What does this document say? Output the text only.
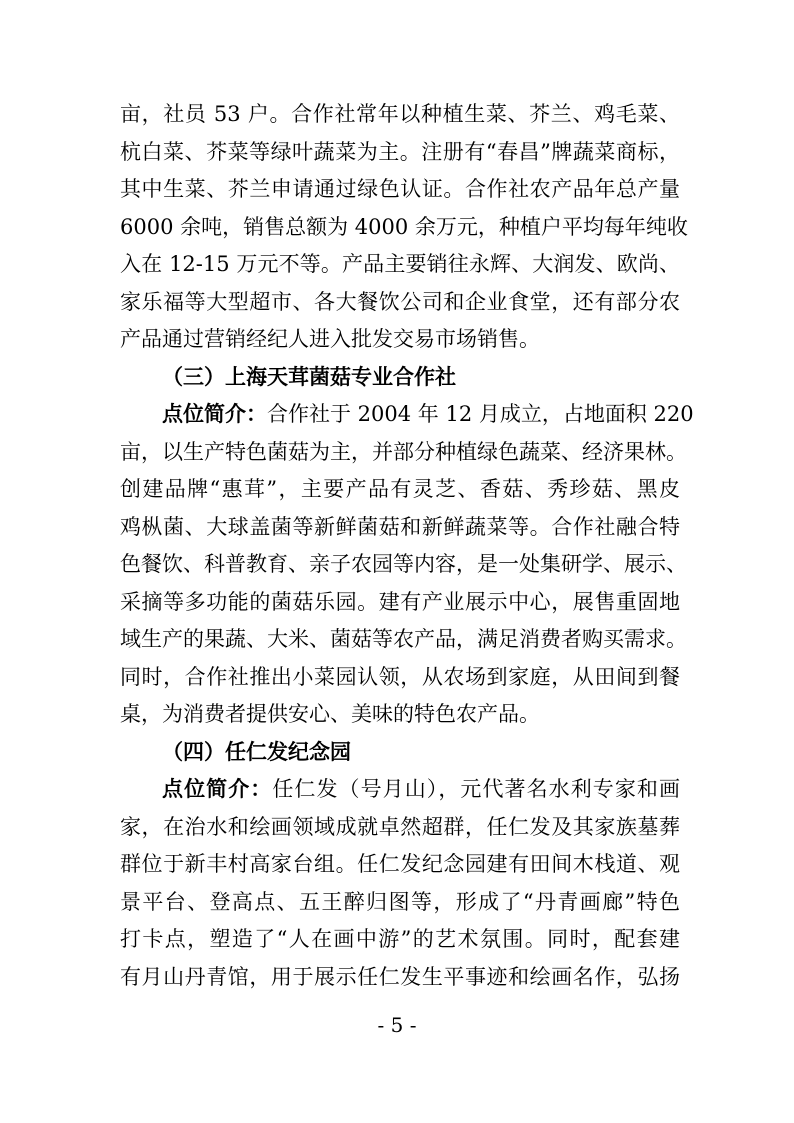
亩，社员 53 户。合作社常年以种植生菜、芥兰、鸡毛菜、
杭白菜、芥菜等绿叶蔬菜为主。注册有“春昌”牌蔬菜商标，
其中生菜、芥兰申请通过绿色认证。合作社农产品年总产量
6000 余吨，销售总额为 4000 余万元，种植户平均每年纯收
入在 12-15 万元不等。产品主要销往永辉、大润发、欧尚、
家乐福等大型超市、各大餐饮公司和企业食堂，还有部分农
产品通过营销经纪人进入批发交易市场销售。
（三）上海天茸菌菇专业合作社
点位简介：合作社于 2004 年 12 月成立，占地面积 220
亩，以生产特色菌菇为主，并部分种植绿色蔬菜、经济果林。
创建品牌“惠茸”，主要产品有灵芝、香菇、秀珍菇、黑皮
鸡枞菌、大球盖菌等新鲜菌菇和新鲜蔬菜等。合作社融合特
色餐饮、科普教育、亲子农园等内容，是一处集研学、展示、
采摘等多功能的菌菇乐园。建有产业展示中心，展售重固地
域生产的果蔬、大米、菌菇等农产品，满足消费者购买需求。
同时，合作社推出小菜园认领，从农场到家庭，从田间到餐
桌，为消费者提供安心、美味的特色农产品。
（四）任仁发纪念园
点位简介：任仁发（号月山），元代著名水利专家和画
家，在治水和绘画领域成就卓然超群，任仁发及其家族墓葬
群位于新丰村高家台组。任仁发纪念园建有田间木栈道、观
景平台、登高点、五王醉归图等，形成了“丹青画廊”特色
打卡点，塑造了“人在画中游”的艺术氛围。同时，配套建
有月山丹青馆，用于展示任仁发生平事迹和绘画名作，弘扬
- 5 -
